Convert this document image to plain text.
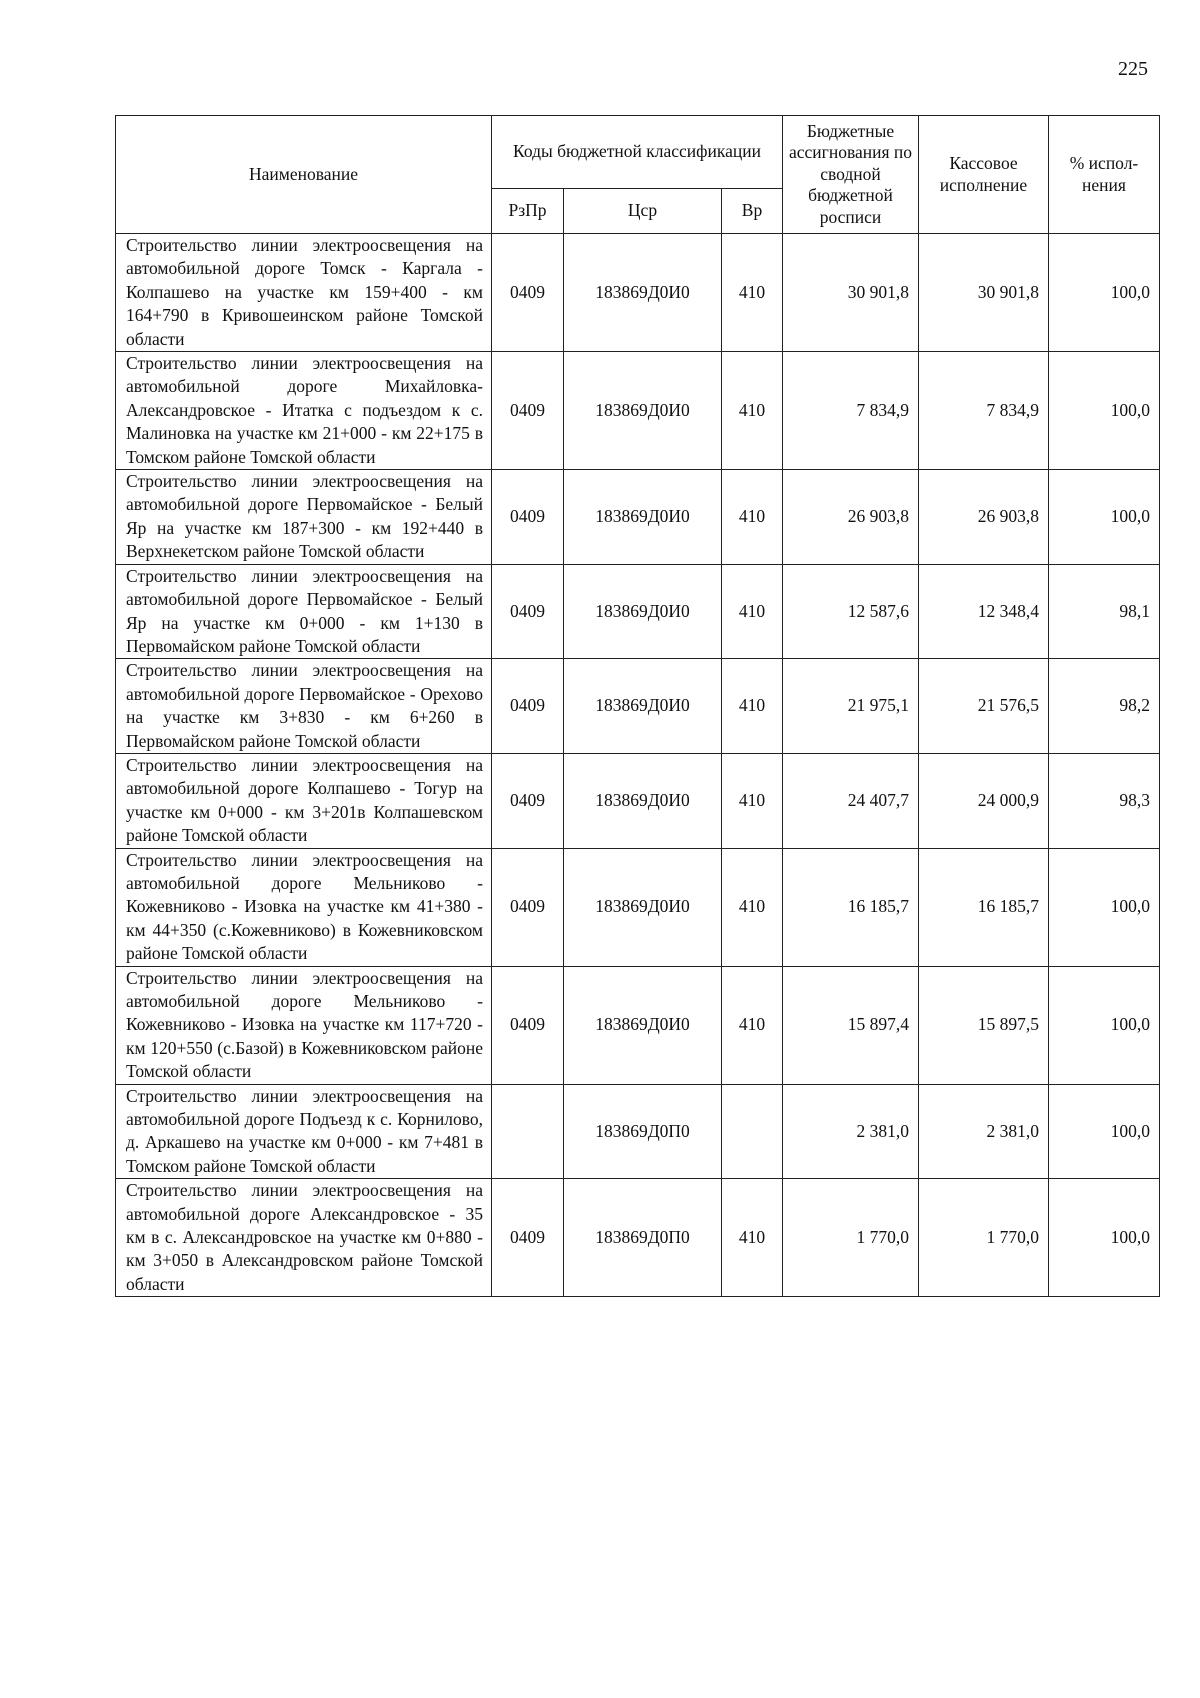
225
Наименование	Коды бюджетной классификации			Бюджетные ассигнования по сводной бюджетной росписи	Кассовое исполнение	% испол-нения
	РзПр	Цср	Вр			
Строительство линии электроосвещения на автомобильной дороге Томск - Каргала - Колпашево на участке км 159+400 - км 164+790 в Кривошеинском районе Томской области	0409	183869Д0И0	410	30 901,8	30 901,8	100,0
Строительство линии электроосвещения на автомобильной дороге Михайловка-Александровское - Итатка с подъездом к с. Малиновка на участке км 21+000 - км 22+175 в Томском районе Томской области	0409	183869Д0И0	410	7 834,9	7 834,9	100,0
Строительство линии электроосвещения на автомобильной дороге Первомайское - Белый Яр на участке км 187+300 - км 192+440 в Верхнекетском районе Томской области	0409	183869Д0И0	410	26 903,8	26 903,8	100,0
Строительство линии электроосвещения на автомобильной дороге Первомайское - Белый Яр на участке км 0+000 - км 1+130 в Первомайском районе Томской области	0409	183869Д0И0	410	12 587,6	12 348,4	98,1
Строительство линии электроосвещения на автомобильной дороге Первомайское - Орехово на участке км 3+830 - км 6+260 в Первомайском районе Томской области	0409	183869Д0И0	410	21 975,1	21 576,5	98,2
Строительство линии электроосвещения на автомобильной дороге Колпашево - Тогур на участке км 0+000 - км 3+201в Колпашевском районе Томской области	0409	183869Д0И0	410	24 407,7	24 000,9	98,3
Строительство линии электроосвещения на автомобильной дороге Мельниково - Кожевниково - Изовка на участке км 41+380 - км 44+350 (с.Кожевниково) в Кожевниковском районе Томской области	0409	183869Д0И0	410	16 185,7	16 185,7	100,0
Строительство линии электроосвещения на автомобильной дороге Мельниково - Кожевниково - Изовка на участке км 117+720 - км 120+550 (с.Базой) в Кожевниковском районе Томской области	0409	183869Д0И0	410	15 897,4	15 897,5	100,0
Строительство линии электроосвещения на автомобильной дороге Подъезд к с. Корнилово, д. Аркашево на участке км 0+000 - км 7+481 в Томском районе Томской области		183869Д0П0		2 381,0	2 381,0	100,0
Строительство линии электроосвещения на автомобильной дороге Александровское - 35 км в с. Александровское на участке км 0+880 - км 3+050 в Александровском районе Томской области	0409	183869Д0П0	410	1 770,0	1 770,0	100,0
